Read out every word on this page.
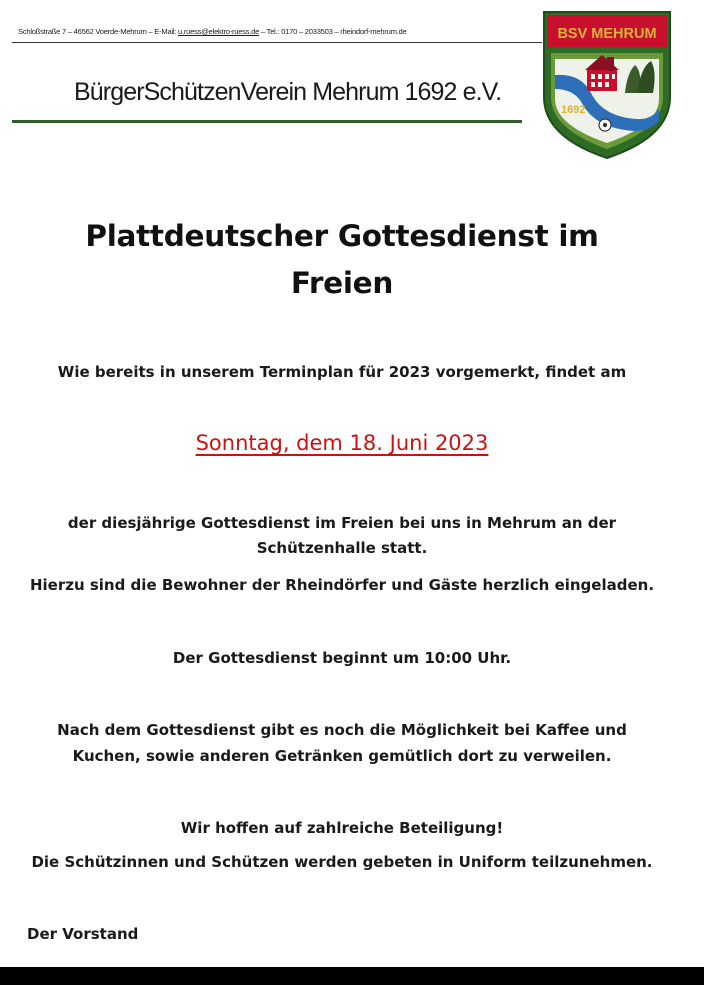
Schloßstraße 7 – 46562 Voerde-Mehrum – E-Mail: u.ruess@elektro-ruess.de – Tel.: 0170 – 2033503 – rheindorf-mehrum.de
BürgerSchützenVerein Mehrum 1692 e.V.
BSV MEHRUM
1692
Plattdeutscher Gottesdienst im
Freien
Wie bereits in unserem Terminplan für 2023 vorgemerkt, findet am
Sonntag, dem 18. Juni 2023
der diesjährige Gottesdienst im Freien bei uns in Mehrum an der
Schützenhalle statt.
Hierzu sind die Bewohner der Rheindörfer und Gäste herzlich eingeladen.
Der Gottesdienst beginnt um 10:00 Uhr.
Nach dem Gottesdienst gibt es noch die Möglichkeit bei Kaffee und
Kuchen, sowie anderen Getränken gemütlich dort zu verweilen.
Wir hoffen auf zahlreiche Beteiligung!
Die Schützinnen und Schützen werden gebeten in Uniform teilzunehmen.
Der Vorstand
